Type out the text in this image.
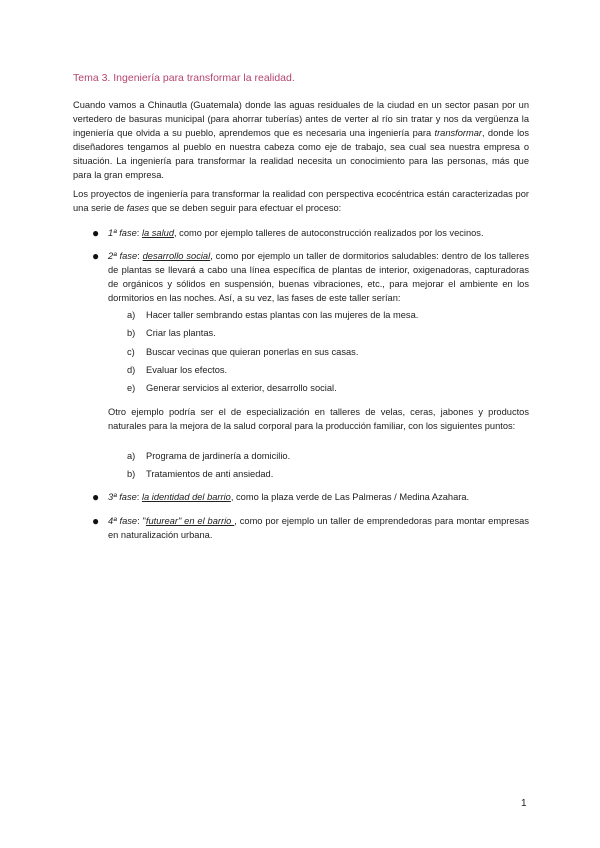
Tema 3. Ingeniería para transformar la realidad.
Cuando vamos a Chinautla (Guatemala) donde las aguas residuales de la ciudad en un sector pasan por un vertedero de basuras municipal (para ahorrar tuberías) antes de verter al río sin tratar y nos da vergüenza la ingeniería que olvida a su pueblo, aprendemos que es necesaria una ingeniería para transformar, donde los diseñadores tengamos al pueblo en nuestra cabeza como eje de trabajo, sea cual sea nuestra empresa o situación. La ingeniería para transformar la realidad necesita un conocimiento para las personas, más que para la gran empresa.
Los proyectos de ingeniería para transformar la realidad con perspectiva ecocéntrica están caracterizadas por una serie de fases que se deben seguir para efectuar el proceso:
● 1ª fase: la salud, como por ejemplo talleres de autoconstrucción realizados por los vecinos.
● 2ª fase: desarrollo social, como por ejemplo un taller de dormitorios saludables: dentro de los talleres de plantas se llevará a cabo una línea específica de plantas de interior, oxigenadoras, capturadoras de orgánicos y sólidos en suspensión, buenas vibraciones, etc., para mejorar el ambiente en los dormitorios en las noches. Así, a su vez, las fases de este taller serían:
a) Hacer taller sembrando estas plantas con las mujeres de la mesa.
b) Criar las plantas.
c) Buscar vecinas que quieran ponerlas en sus casas.
d) Evaluar los efectos.
e) Generar servicios al exterior, desarrollo social.
Otro ejemplo podría ser el de especialización en talleres de velas, ceras, jabones y productos naturales para la mejora de la salud corporal para la producción familiar, con los siguientes puntos:
a) Programa de jardinería a domicilio.
b) Tratamientos de anti ansiedad.
● 3ª fase: la identidad del barrio, como la plaza verde de Las Palmeras / Medina Azahara.
● 4ª fase: "futurear" en el barrio , como por ejemplo un taller de emprendedoras para montar empresas en naturalización urbana.
1
